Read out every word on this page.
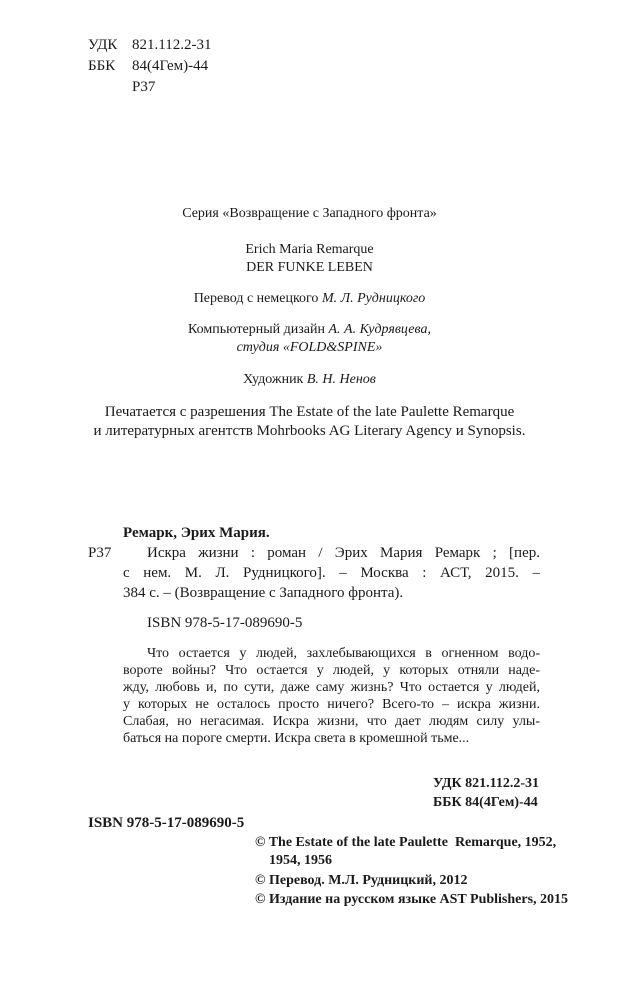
УДК 821.112.2-31
ББК 84(4Гем)-44
Р37
Серия «Возвращение с Западного фронта»
Erich Maria Remarque
DER FUNKE LEBEN
Перевод с немецкого М. Л. Рудницкого
Компьютерный дизайн А. А. Кудрявцева,
студия «FOLD&SPINE»
Художник В. Н. Ненов
Печатается с разрешения The Estate of the late Paulette Remarque
и литературных агентств Mohrbooks AG Literary Agency и Synopsis.
Ремарк, Эрих Мария.
Р37 Искра жизни : роман / Эрих Мария Ремарк ; [пер.
с нем. М. Л. Рудницкого]. – Москва : АСТ, 2015. –
384 с. – (Возвращение с Западного фронта).
ISBN 978-5-17-089690-5
Что остается у людей, захлебывающихся в огненном водо-
вороте войны? Что остается у людей, у которых отняли наде-
жду, любовь и, по сути, даже саму жизнь? Что остается у людей,
у которых не осталось просто ничего? Всего-то – искра жизни.
Слабая, но негасимая. Искра жизни, что дает людям силу улы-
баться на пороге смерти. Искра света в кромешной тьме...
УДК 821.112.2-31
ББК 84(4Гем)-44
ISBN 978-5-17-089690-5
© The Estate of the late Paulette  Remarque, 1952,
1954, 1956
© Перевод. М.Л. Рудницкий, 2012
© Издание на русском языке AST Publishers, 2015
